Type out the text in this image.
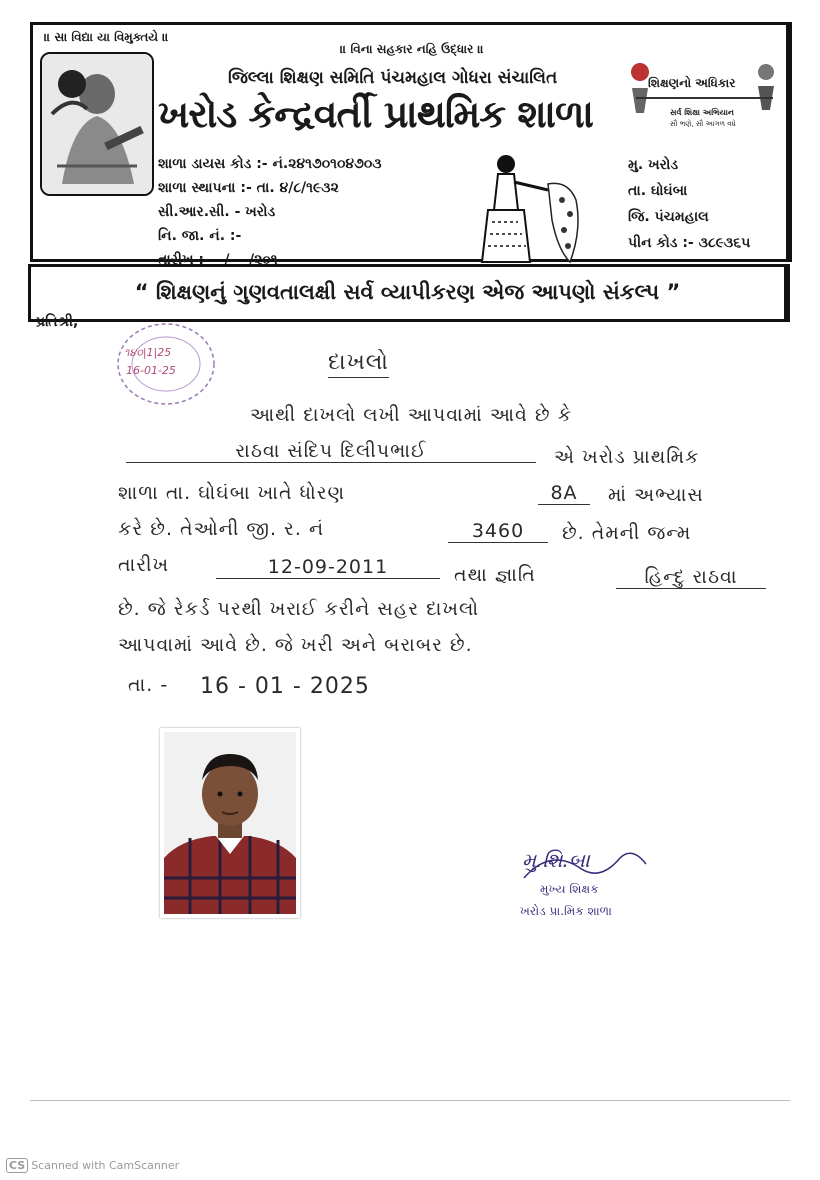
॥ સા વિદ્યા યા વિમુક્તયે ॥
॥ વિના સહકાર નહિ ઉદ્ધાર ॥
જિલ્લા શિક્ષણ સમિતિ પંચમહાલ ગોધરા સંચાલિત
ખરોડ કેન્દ્રવર્તી પ્રાથમિક શાળા
શિક્ષણનો અધિકાર
સર્વ શિક્ષા અભિયાન
સૌ ભણે, સૌ આગળ વધે
શાળા ડાયસ કોડ :- નં.૨૪૧૭૦૧૦૪૭૦૩
શાળા સ્થાપના :- તા. ૪/૮/૧૯૩૨
સી.આર.સી. - ખરોડ
નિ. જા. નં. :-
તારીખ :-   /    /૨૦૧
મુ. ખરોડ
તા. ઘોઘંબા
જિ. પંચમહાલ
પીન કોડ :- ૩૮૯૩૬૫
“ શિક્ષણનું ગુણવતાલક્ષી સર્વ વ્યાપીકરણ એજ આપણો સંકલ્પ ”
પ્રતિશ્રી,
૧૪૦|1|25
16-01-25	દાખલો
આથી દાખલો લખી આપવામાં આવે છે કે
રાઠવા સંદિપ દિલીપભાઈ	એ ખરોડ પ્રાથમિક
શાળા તા. ઘોઘંબા ખાતે ધોરણ	8A	માં અભ્યાસ
કરે છે. તેઓની જી. ર. નં	3460	છે. તેમની જન્મ
તારીખ	12-09-2011	તથા જ્ઞાતિ	હિન્દુ રાઠવા
છે. જે રેકર્ડ પરથી ખરાઈ કરીને સહર દાખલો
આપવામાં આવે છે. જે ખરી અને બરાબર છે.
તા. - 16 - 01 - 2025
મુ.શિ.બા
મુખ્ય શિક્ષક
ખરોડ પ્રા.મિક શાળા
CS Scanned with CamScanner
